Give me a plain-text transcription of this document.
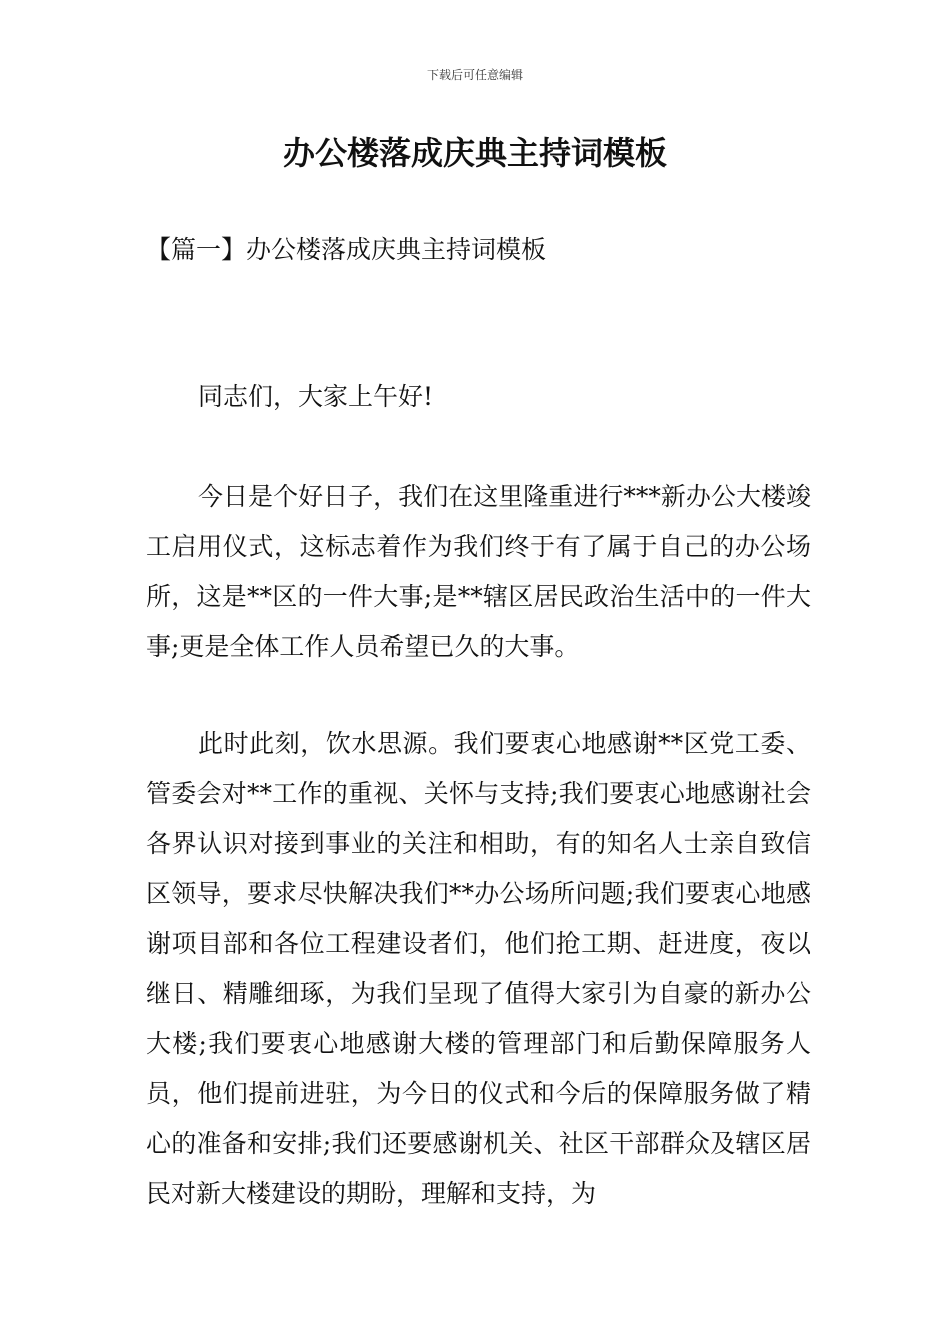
下载后可任意编辑
办公楼落成庆典主持词模板
【篇一】办公楼落成庆典主持词模板

同志们，大家上午好!

今日是个好日子，我们在这里隆重进行***新办公大楼竣工启用仪式，这标志着作为我们终于有了属于自己的办公场所，这是**区的一件大事;是**辖区居民政治生活中的一件大事;更是全体工作人员希望已久的大事。

此时此刻，饮水思源。我们要衷心地感谢**区党工委、管委会对**工作的重视、关怀与支持;我们要衷心地感谢社会各界认识对接到事业的关注和相助，有的知名人士亲自致信区领导，要求尽快解决我们**办公场所问题;我们要衷心地感谢项目部和各位工程建设者们，他们抢工期、赶进度，夜以继日、精雕细琢，为我们呈现了值得大家引为自豪的新办公大楼;我们要衷心地感谢大楼的管理部门和后勤保障服务人员，他们提前进驻，为今日的仪式和今后的保障服务做了精心的准备和安排;我们还要感谢机关、社区干部群众及辖区居民对新大楼建设的期盼，理解和支持，为
